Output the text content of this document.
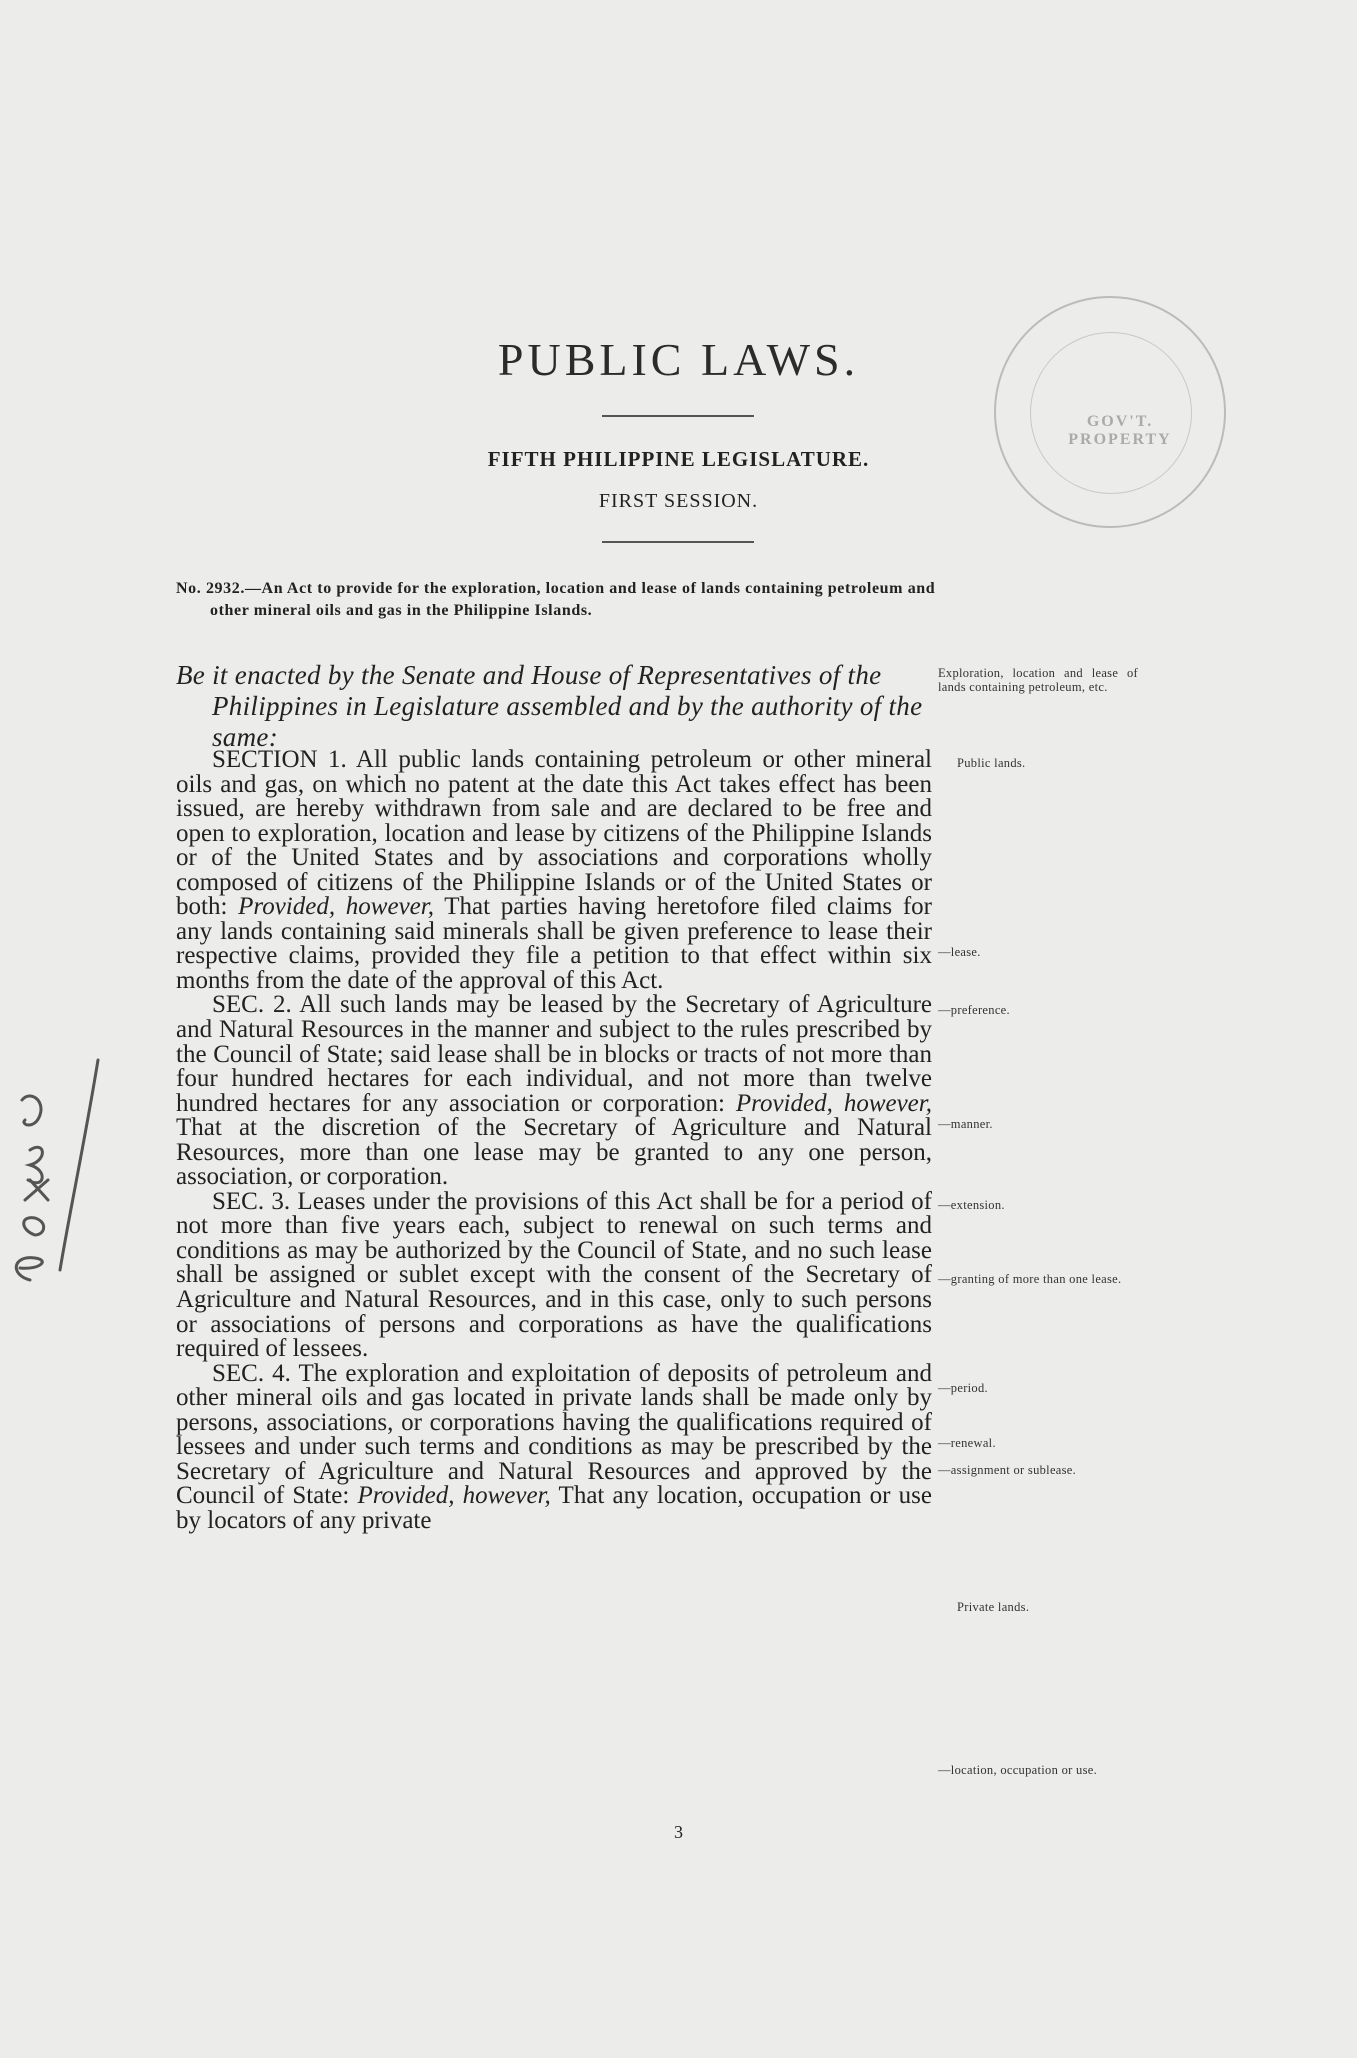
GOV'T. PROPERTY
PUBLIC LAWS.
FIFTH PHILIPPINE LEGISLATURE.
FIRST SESSION.
No. 2932.—An Act to provide for the exploration, location and lease of lands containing petroleum and other mineral oils and gas in the Philippine Islands.
Be it enacted by the Senate and House of Representatives of the Philippines in Legislature assembled and by the authority of the same:

SECTION 1. All public lands containing petroleum or other mineral oils and gas, on which no patent at the date this Act takes effect has been issued, are hereby withdrawn from sale and are declared to be free and open to exploration, location and lease by citizens of the Philippine Islands or of the United States and by associations and corporations wholly composed of citizens of the Philippine Islands or of the United States or both: Provided, however, That parties having heretofore filed claims for any lands containing said minerals shall be given preference to lease their respective claims, provided they file a petition to that effect within six months from the date of the approval of this Act.

SEC. 2. All such lands may be leased by the Secretary of Agriculture and Natural Resources in the manner and subject to the rules prescribed by the Council of State; said lease shall be in blocks or tracts of not more than four hundred hectares for each individual, and not more than twelve hundred hectares for any association or corporation: Provided, however, That at the discretion of the Secretary of Agriculture and Natural Resources, more than one lease may be granted to any one person, association, or corporation.

SEC. 3. Leases under the provisions of this Act shall be for a period of not more than five years each, subject to renewal on such terms and conditions as may be authorized by the Council of State, and no such lease shall be assigned or sublet except with the consent of the Secretary of Agriculture and Natural Resources, and in this case, only to such persons or associations of persons and corporations as have the qualifications required of lessees.

SEC. 4. The exploration and exploitation of deposits of petroleum and other mineral oils and gas located in private lands shall be made only by persons, associations, or corporations having the qualifications required of lessees and under such terms and conditions as may be prescribed by the Secretary of Agriculture and Natural Resources and approved by the Council of State: Provided, however, That any location, occupation or use by locators of any private

Exploration, location and lease of lands containing petroleum, etc.
Public lands.
—lease.
—preference.
—manner.
—extension.
—granting of more than one lease.
—period.
—renewal.
—assignment or sublease.
Private lands.
—location, occupation or use.
3
